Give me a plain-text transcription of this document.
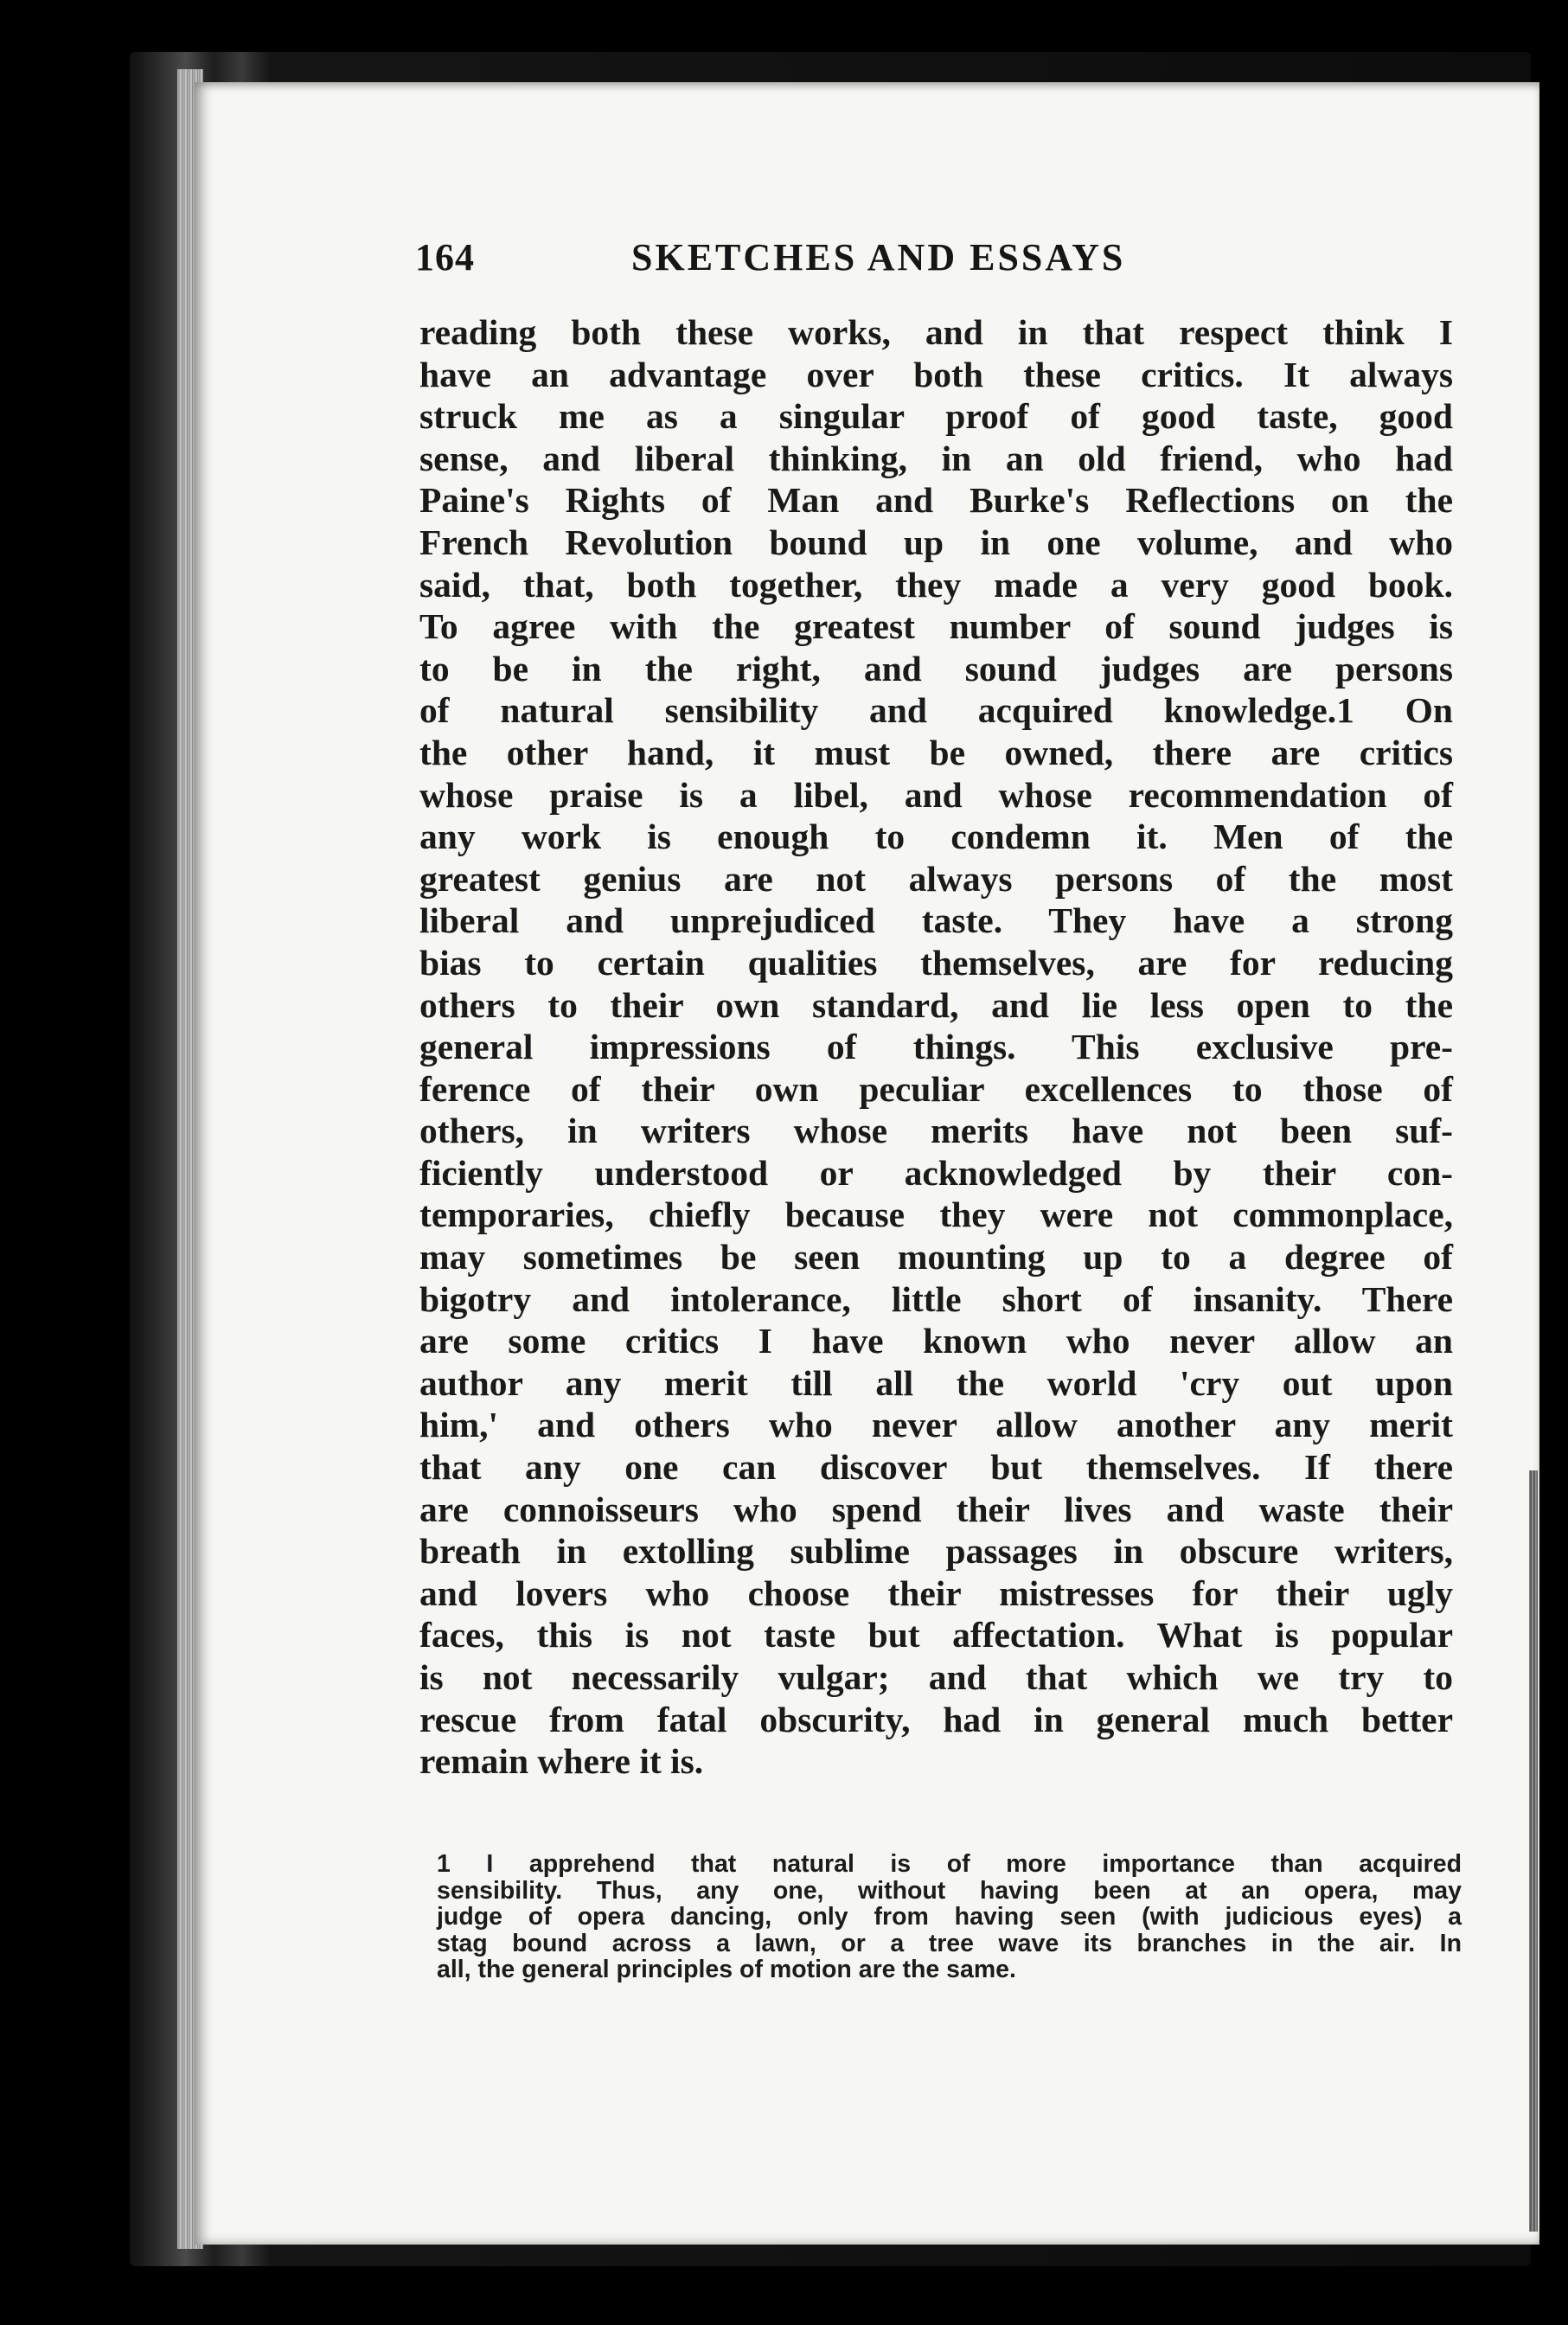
164	SKETCHES AND ESSAYS
reading both these works, and in that respect think I
have an advantage over both these critics. It always
struck me as a singular proof of good taste, good
sense, and liberal thinking, in an old friend, who had
Paine's Rights of Man and Burke's Reflections on the
French Revolution bound up in one volume, and who
said, that, both together, they made a very good book.
To agree with the greatest number of sound judges is
to be in the right, and sound judges are persons
of natural sensibility and acquired knowledge.1 On
the other hand, it must be owned, there are critics
whose praise is a libel, and whose recommendation of
any work is enough to condemn it. Men of the
greatest genius are not always persons of the most
liberal and unprejudiced taste. They have a strong
bias to certain qualities themselves, are for reducing
others to their own standard, and lie less open to the
general impressions of things. This exclusive pre-
ference of their own peculiar excellences to those of
others, in writers whose merits have not been suf-
ficiently understood or acknowledged by their con-
temporaries, chiefly because they were not commonplace,
may sometimes be seen mounting up to a degree of
bigotry and intolerance, little short of insanity. There
are some critics I have known who never allow an
author any merit till all the world 'cry out upon
him,' and others who never allow another any merit
that any one can discover but themselves. If there
are connoisseurs who spend their lives and waste their
breath in extolling sublime passages in obscure writers,
and lovers who choose their mistresses for their ugly
faces, this is not taste but affectation. What is popular
is not necessarily vulgar; and that which we try to
rescue from fatal obscurity, had in general much better
remain where it is.
1 I apprehend that natural is of more importance than acquired
sensibility. Thus, any one, without having been at an opera, may
judge of opera dancing, only from having seen (with judicious eyes) a
stag bound across a lawn, or a tree wave its branches in the air. In
all, the general principles of motion are the same.
